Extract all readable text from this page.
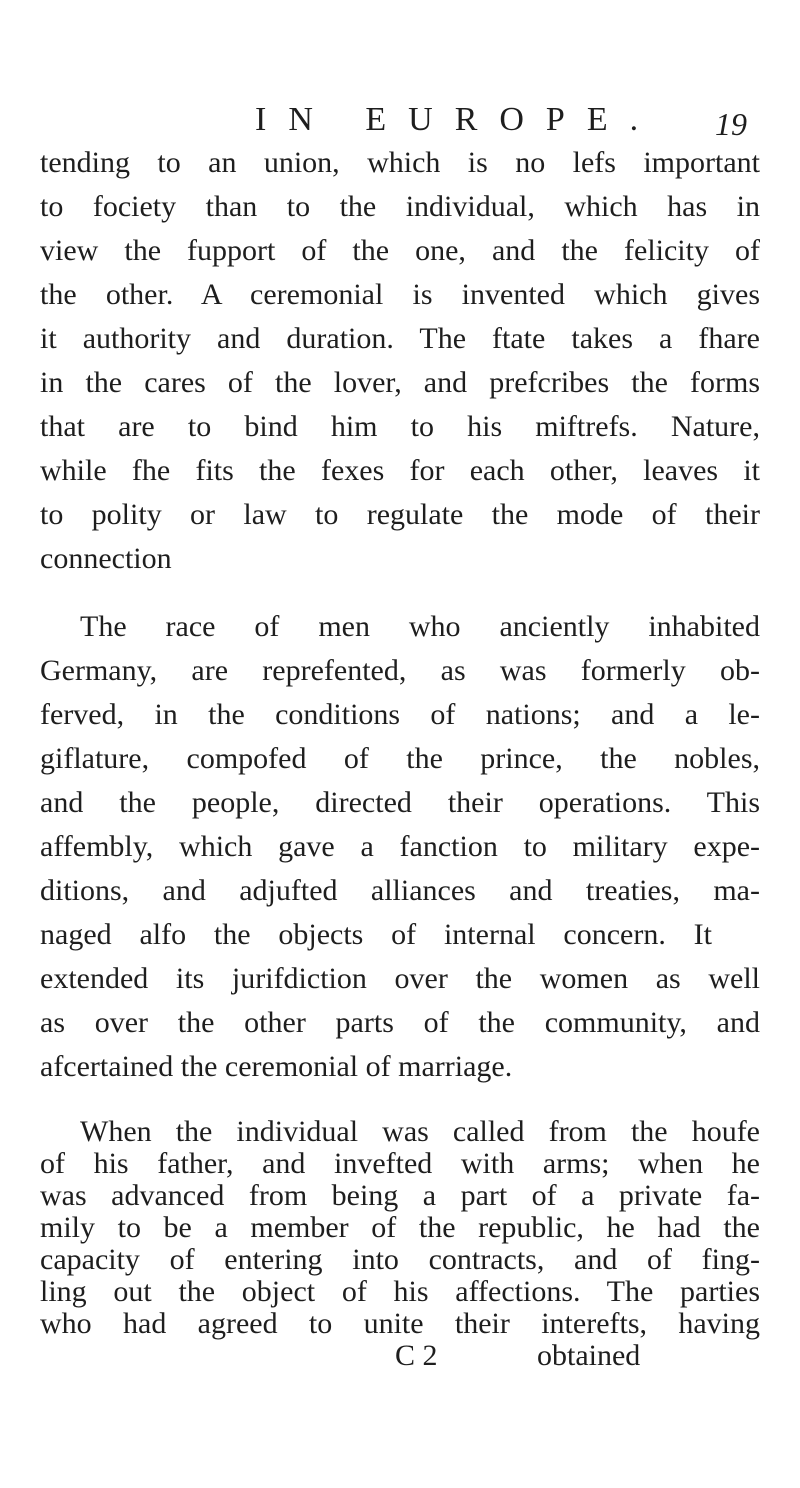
IN EUROPE. 19
tending to an union, which is no lefs important
to fociety than to the individual, which has in
view the fupport of the one, and the felicity of
the other. A ceremonial is invented which gives
it authority and duration. The ftate takes a fhare
in the cares of the lover, and prefcribes the forms
that are to bind him to his miftrefs. Nature,
while fhe fits the fexes for each other, leaves it
to polity or law to regulate the mode of their
connection
The race of men who anciently inhabited
Germany, are reprefented, as was formerly ob-
ferved, in the conditions of nations; and a le-
giflature, compofed of the prince, the nobles,
and the people, directed their operations. This
affembly, which gave a fanction to military expe-
ditions, and adjufted alliances and treaties, ma-
naged alfo the objects of internal concern. It
extended its jurifdiction over the women as well
as over the other parts of the community, and
afcertained the ceremonial of marriage.
When the individual was called from the houfe
of his father, and invefted with arms; when he
was advanced from being a part of a private fa-
mily to be a member of the republic, he had the
capacity of entering into contracts, and of fing-
ling out the object of his affections. The parties
who had agreed to unite their interefts, having
C 2	obtained
